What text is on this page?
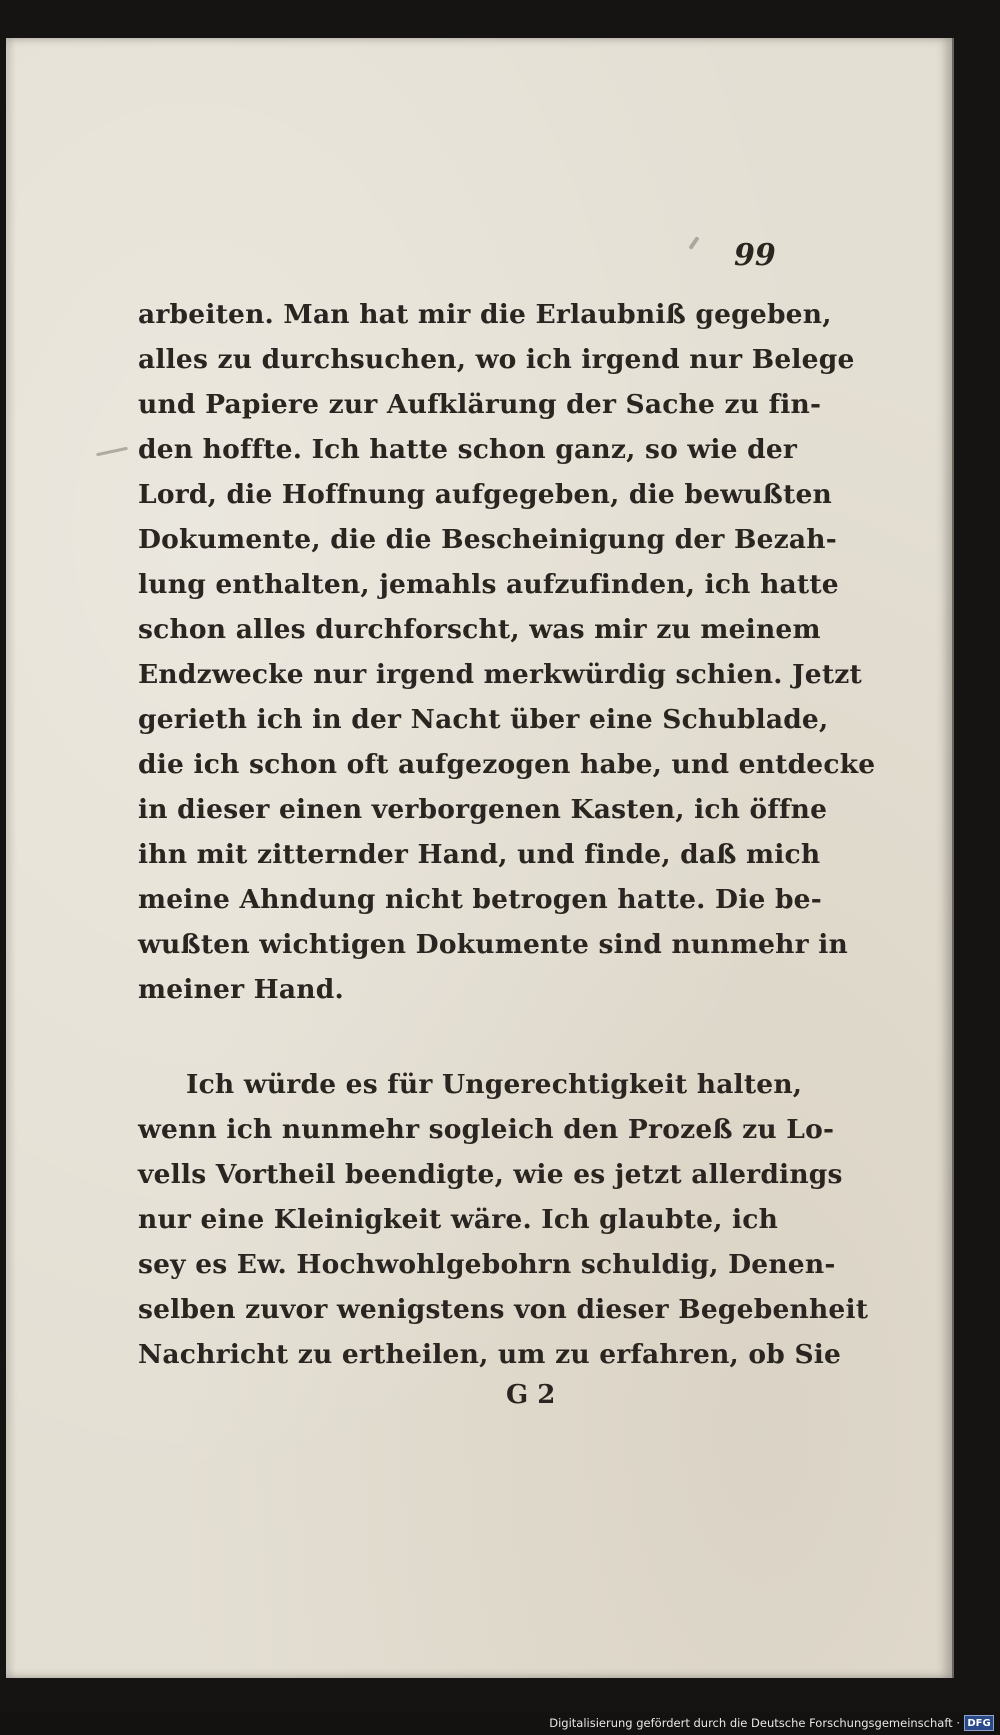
99
arbeiten. Man hat mir die Erlaubniß gegeben,
alles zu durchsuchen, wo ich irgend nur Belege
und Papiere zur Aufklärung der Sache zu fin-
den hoffte. Ich hatte schon ganz, so wie der
Lord, die Hoffnung aufgegeben, die bewußten
Dokumente, die die Bescheinigung der Bezah-
lung enthalten, jemahls aufzufinden, ich hatte
schon alles durchforscht, was mir zu meinem
Endzwecke nur irgend merkwürdig schien. Jetzt
gerieth ich in der Nacht über eine Schublade,
die ich schon oft aufgezogen habe, und entdecke
in dieser einen verborgenen Kasten, ich öffne
ihn mit zitternder Hand, und finde, daß mich
meine Ahndung nicht betrogen hatte. Die be-
wußten wichtigen Dokumente sind nunmehr in
meiner Hand.
Ich würde es für Ungerechtigkeit halten,
wenn ich nunmehr sogleich den Prozeß zu Lo-
vells Vortheil beendigte, wie es jetzt allerdings
nur eine Kleinigkeit wäre. Ich glaubte, ich
sey es Ew. Hochwohlgebohrn schuldig, Denen-
selben zuvor wenigstens von dieser Begebenheit
Nachricht zu ertheilen, um zu erfahren, ob Sie
G 2
Digitalisierung gefördert durch die Deutsche Forschungsgemeinschaft · DFG
